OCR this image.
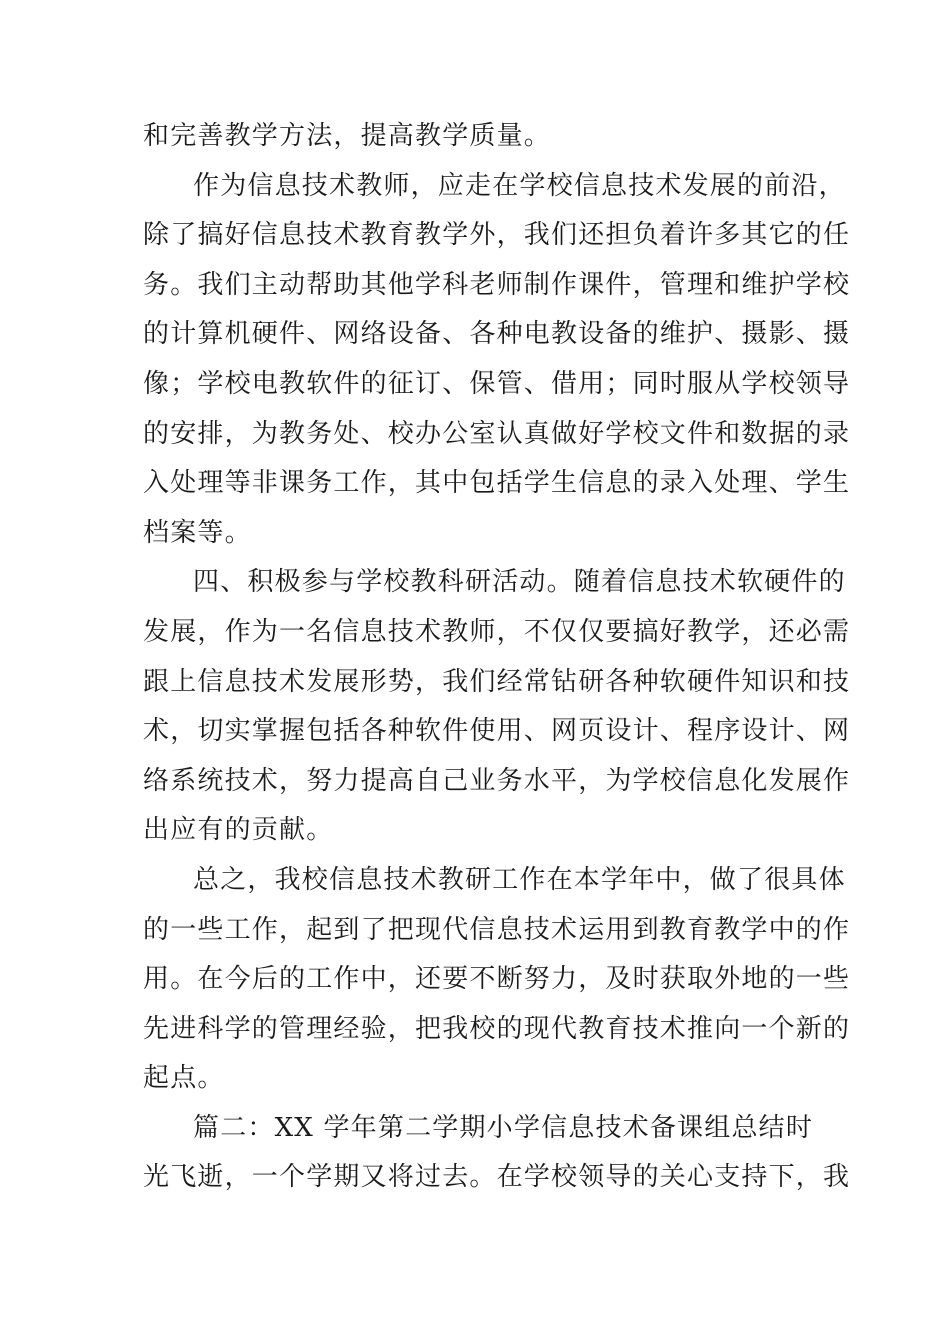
和完善教学方法，提高教学质量。
作为信息技术教师，应走在学校信息技术发展的前沿，
除了搞好信息技术教育教学外，我们还担负着许多其它的任
务。我们主动帮助其他学科老师制作课件，管理和维护学校
的计算机硬件、网络设备、各种电教设备的维护、摄影、摄
像；学校电教软件的征订、保管、借用；同时服从学校领导
的安排，为教务处、校办公室认真做好学校文件和数据的录
入处理等非课务工作，其中包括学生信息的录入处理、学生
档案等。
四、积极参与学校教科研活动。随着信息技术软硬件的
发展，作为一名信息技术教师，不仅仅要搞好教学，还必需
跟上信息技术发展形势，我们经常钻研各种软硬件知识和技
术，切实掌握包括各种软件使用、网页设计、程序设计、网
络系统技术，努力提高自己业务水平，为学校信息化发展作
出应有的贡献。
总之，我校信息技术教研工作在本学年中，做了很具体
的一些工作，起到了把现代信息技术运用到教育教学中的作
用。在今后的工作中，还要不断努力，及时获取外地的一些
先进科学的管理经验，把我校的现代教育技术推向一个新的
起点。
篇二：XX 学年第二学期小学信息技术备课组总结时
光飞逝，一个学期又将过去。在学校领导的关心支持下，我
